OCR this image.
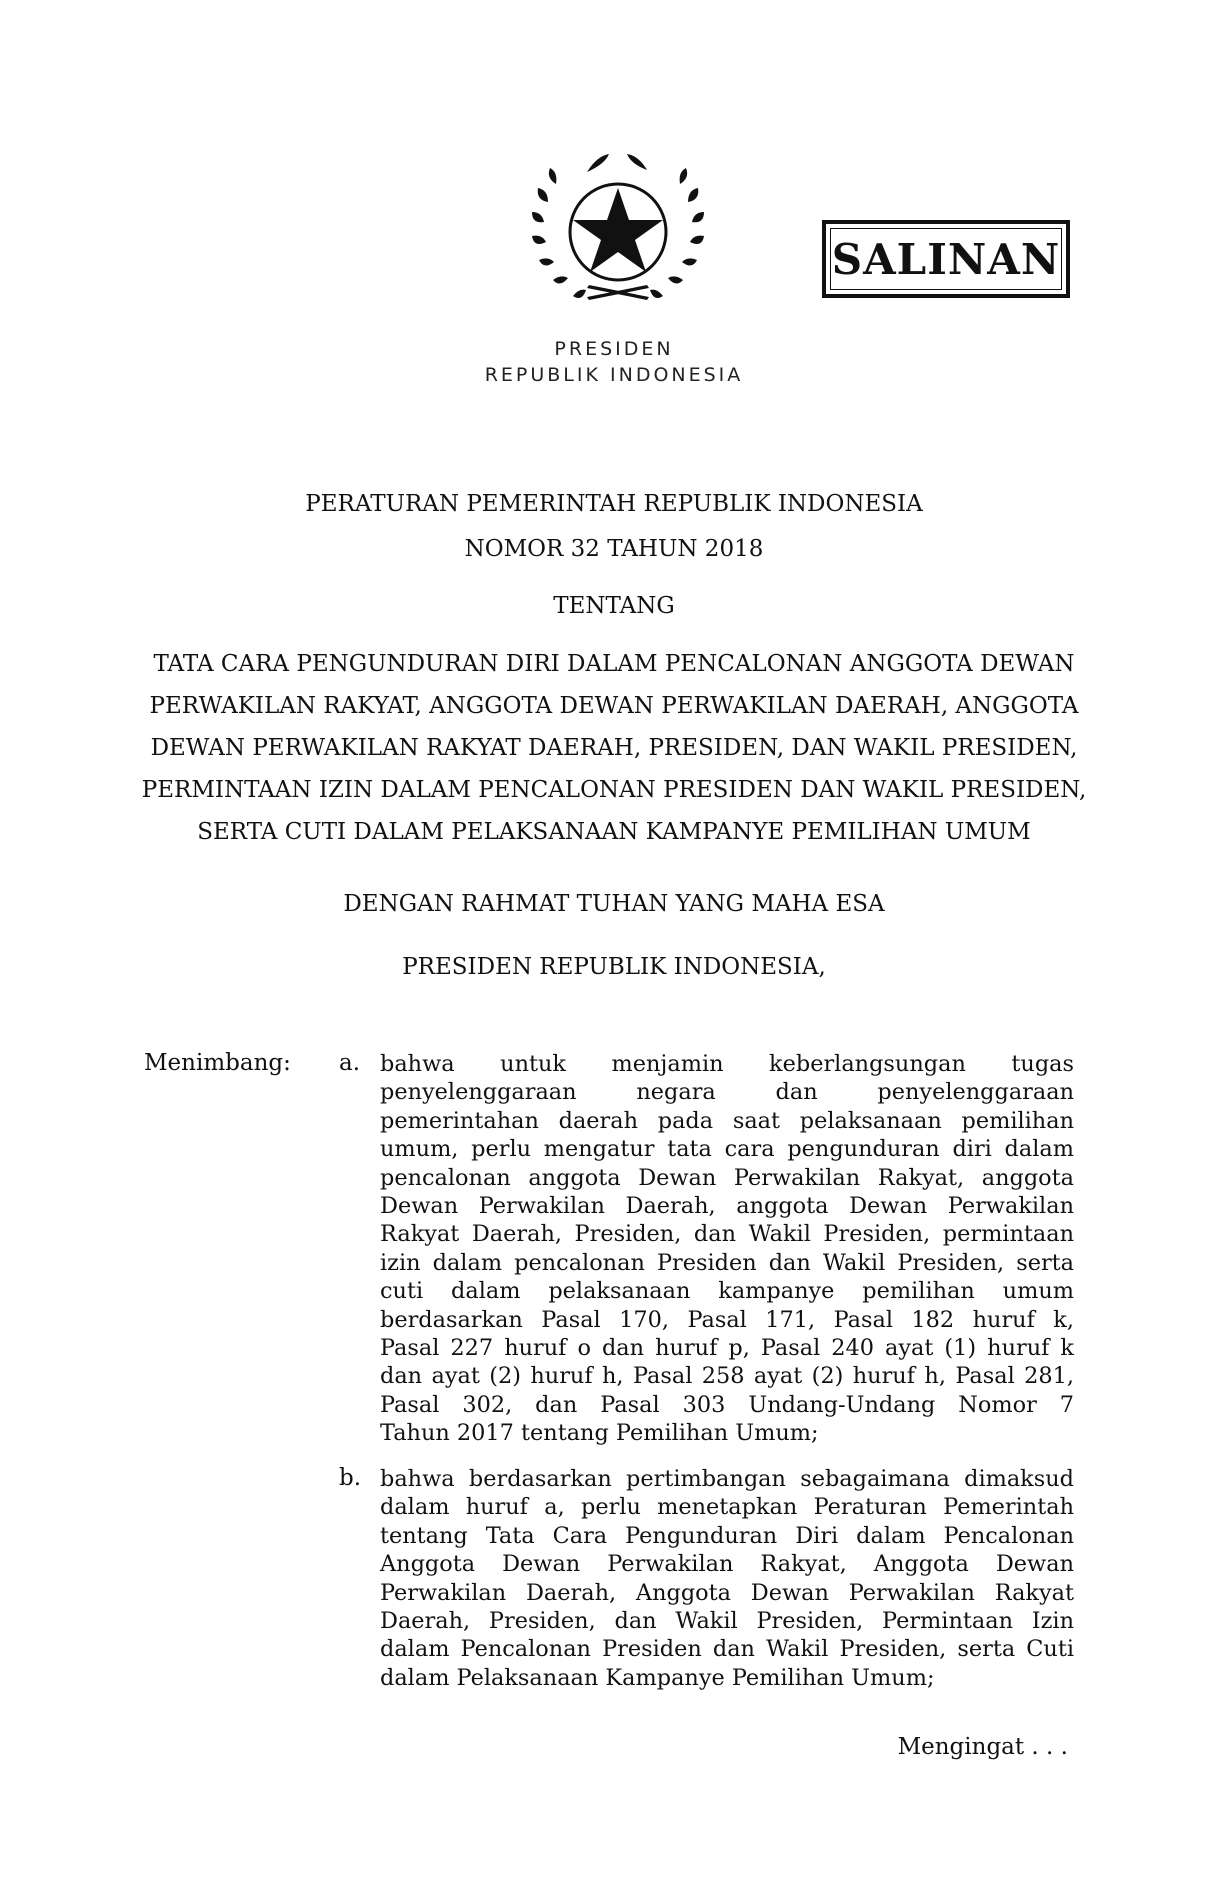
SALINAN
PRESIDEN
REPUBLIK INDONESIA
PERATURAN PEMERINTAH REPUBLIK INDONESIA
NOMOR 32 TAHUN 2018
TENTANG
TATA CARA PENGUNDURAN DIRI DALAM PENCALONAN ANGGOTA DEWAN
PERWAKILAN RAKYAT, ANGGOTA DEWAN PERWAKILAN DAERAH, ANGGOTA
DEWAN PERWAKILAN RAKYAT DAERAH, PRESIDEN, DAN WAKIL PRESIDEN,
PERMINTAAN IZIN DALAM PENCALONAN PRESIDEN DAN WAKIL PRESIDEN,
SERTA CUTI DALAM PELAKSANAAN KAMPANYE PEMILIHAN UMUM
DENGAN RAHMAT TUHAN YANG MAHA ESA
PRESIDEN REPUBLIK INDONESIA,
Menimbang: a. bahwa untuk menjamin keberlangsungan tugas
penyelenggaraan negara dan penyelenggaraan
pemerintahan daerah pada saat pelaksanaan pemilihan
umum, perlu mengatur tata cara pengunduran diri dalam
pencalonan anggota Dewan Perwakilan Rakyat, anggota
Dewan Perwakilan Daerah, anggota Dewan Perwakilan
Rakyat Daerah, Presiden, dan Wakil Presiden, permintaan
izin dalam pencalonan Presiden dan Wakil Presiden, serta
cuti dalam pelaksanaan kampanye pemilihan umum
berdasarkan Pasal 170, Pasal 171, Pasal 182 huruf k,
Pasal 227 huruf o dan huruf p, Pasal 240 ayat (1) huruf k
dan ayat (2) huruf h, Pasal 258 ayat (2) huruf h, Pasal 281,
Pasal 302, dan Pasal 303 Undang-Undang Nomor 7
Tahun 2017 tentang Pemilihan Umum;
b. bahwa berdasarkan pertimbangan sebagaimana dimaksud
dalam huruf a, perlu menetapkan Peraturan Pemerintah
tentang Tata Cara Pengunduran Diri dalam Pencalonan
Anggota Dewan Perwakilan Rakyat, Anggota Dewan
Perwakilan Daerah, Anggota Dewan Perwakilan Rakyat
Daerah, Presiden, dan Wakil Presiden, Permintaan Izin
dalam Pencalonan Presiden dan Wakil Presiden, serta Cuti
dalam Pelaksanaan Kampanye Pemilihan Umum;
Mengingat . . .
